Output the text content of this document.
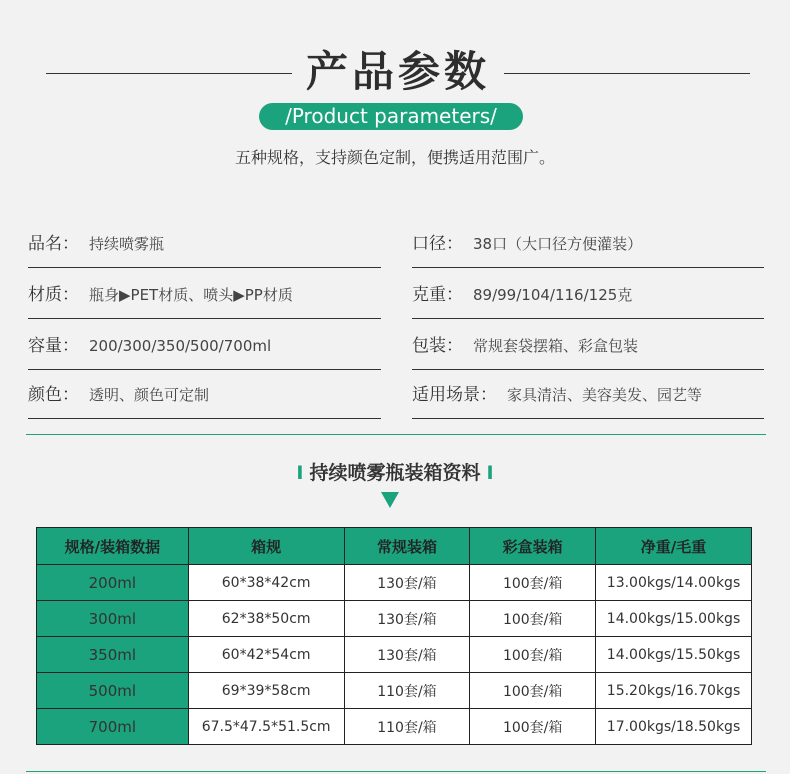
产品参数
/Product parameters/
五种规格，支持颜色定制，便携适用范围广。
品名： 持续喷雾瓶	口径： 38口（大口径方便灌装）
材质： 瓶身▶PET材质、喷头▶PP材质	克重： 89/99/104/116/125克
容量： 200/300/350/500/700ml	包装： 常规套袋摆箱、彩盒包装
颜色： 透明、颜色可定制	适用场景： 家具清洁、美容美发、园艺等
I 持续喷雾瓶装箱资料 I
规格/装箱数据	箱规	常规装箱	彩盒装箱	净重/毛重
200ml	60*38*42cm	130套/箱	100套/箱	13.00kgs/14.00kgs
300ml	62*38*50cm	130套/箱	100套/箱	14.00kgs/15.00kgs
350ml	60*42*54cm	130套/箱	100套/箱	14.00kgs/15.50kgs
500ml	69*39*58cm	110套/箱	100套/箱	15.20kgs/16.70kgs
700ml	67.5*47.5*51.5cm	110套/箱	100套/箱	17.00kgs/18.50kgs
